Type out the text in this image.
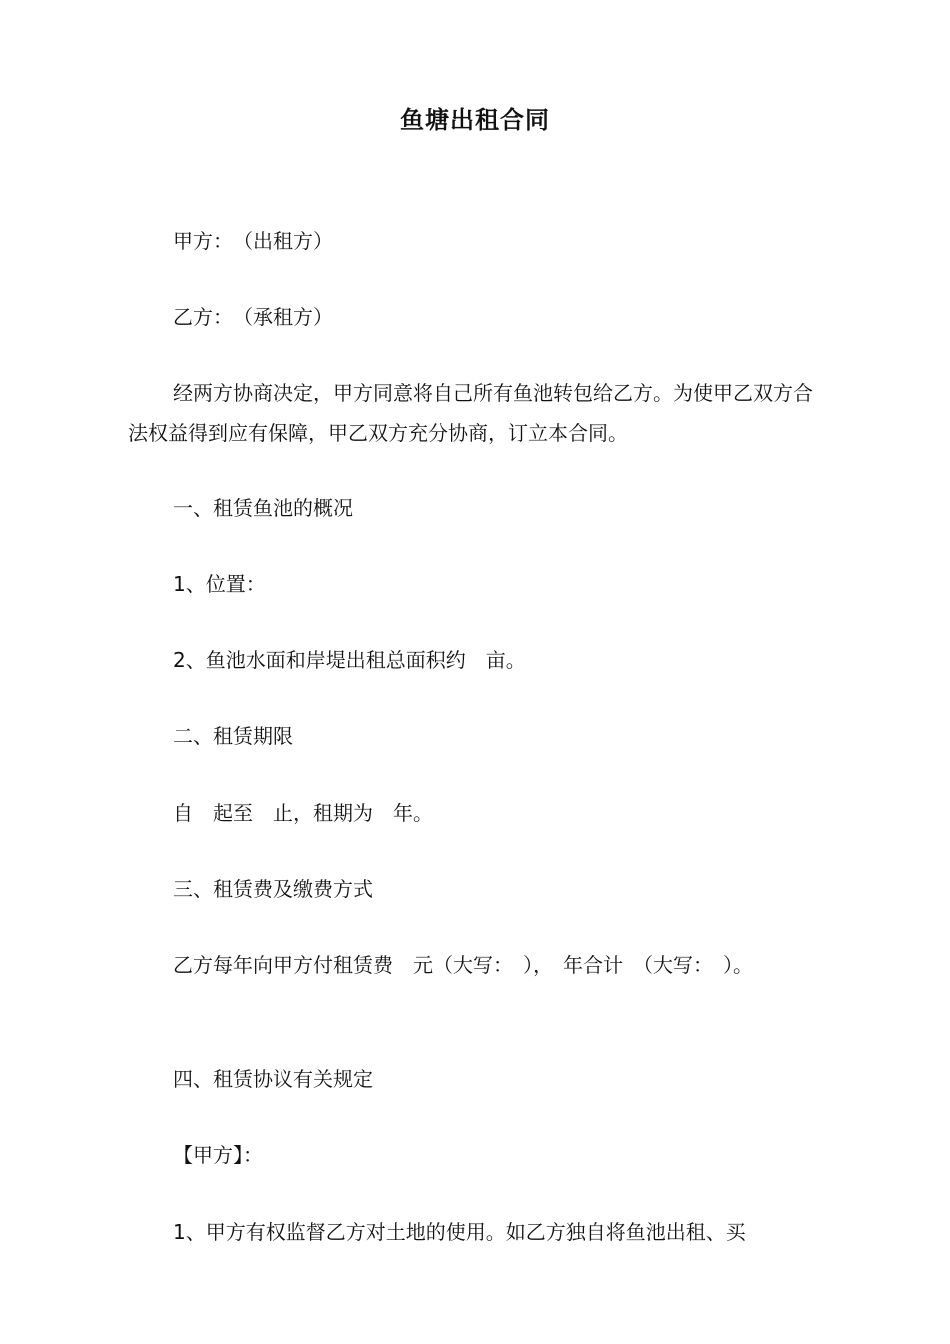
鱼塘出租合同
甲方：　（出租方）
乙方：　（承租方）
经两方协商决定，甲方同意将自己所有鱼池转包给乙方。为使甲乙双方合法权益得到应有保障，甲乙双方充分协商，订立本合同。
一、租赁鱼池的概况
1、位置：
2、鱼池水面和岸堤出租总面积约　亩。
二、租赁期限
自　起至　止，租期为　年。
三、租赁费及缴费方式
乙方每年向甲方付租赁费　元（大写：　），　年合计　（大写：　）。
四、租赁协议有关规定
【甲方】：
1、甲方有权监督乙方对土地的使用。如乙方独自将鱼池出租、买
